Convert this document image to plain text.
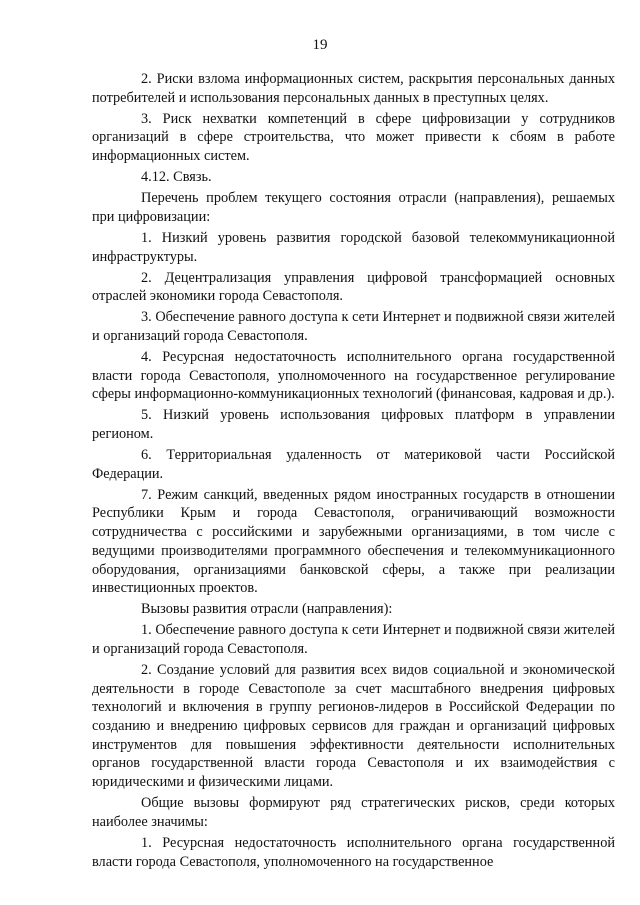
19

2. Риски взлома информационных систем, раскрытия персональных данных потребителей и использования персональных данных в преступных целях.

3. Риск нехватки компетенций в сфере цифровизации у сотрудников организаций в сфере строительства, что может привести к сбоям в работе информационных систем.

4.12. Связь.

Перечень проблем текущего состояния отрасли (направления), решаемых при цифровизации:

1. Низкий уровень развития городской базовой телекоммуникационной инфраструктуры.

2. Децентрализация управления цифровой трансформацией основных отраслей экономики города Севастополя.

3. Обеспечение равного доступа к сети Интернет и подвижной связи жителей и организаций города Севастополя.

4. Ресурсная недостаточность исполнительного органа государственной власти города Севастополя, уполномоченного на государственное регулирование сферы информационно-коммуникационных технологий (финансовая, кадровая и др.).

5. Низкий уровень использования цифровых платформ в управлении регионом.

6. Территориальная удаленность от материковой части Российской Федерации.

7. Режим санкций, введенных рядом иностранных государств в отношении Республики Крым и города Севастополя, ограничивающий возможности сотрудничества с российскими и зарубежными организациями, в том числе с ведущими производителями программного обеспечения и телекоммуникационного оборудования, организациями банковской сферы, а также при реализации инвестиционных проектов.

Вызовы развития отрасли (направления):

1. Обеспечение равного доступа к сети Интернет и подвижной связи жителей и организаций города Севастополя.

2. Создание условий для развития всех видов социальной и экономической деятельности в городе Севастополе за счет масштабного внедрения цифровых технологий и включения в группу регионов-лидеров в Российской Федерации по созданию и внедрению цифровых сервисов для граждан и организаций цифровых инструментов для повышения эффективности деятельности исполнительных органов государственной власти города Севастополя и их взаимодействия с юридическими и физическими лицами.

Общие вызовы формируют ряд стратегических рисков, среди которых наиболее значимы:

1. Ресурсная недостаточность исполнительного органа государственной власти города Севастополя, уполномоченного на государственное
